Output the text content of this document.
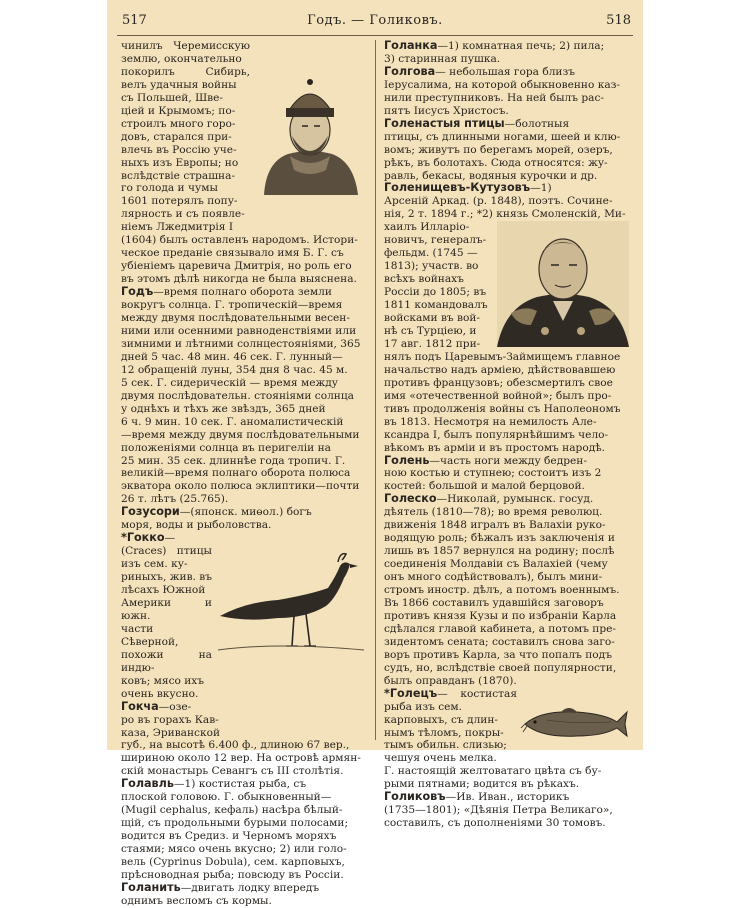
517	Годъ. — Голиковъ.	518
чинилъ Черемисскую землю, окончательно
покорилъ Сибирь, велъ удачныя войны
съ Польшей, Шве-
ціей и Крымомъ; по-
строилъ много горо-
довъ, старался при-
влечь въ Россію уче-
ныхъ изъ Европы; но
вслѣдствіе страшна-
го голода и чумы
1601 потерялъ попу-
лярность и съ появле-
ніемъ Лжедмитрія I
(1604) былъ оставленъ народомъ. Истори-
ческое преданіе связывало имя Б. Г. съ
убіеніемъ царевича Дмитрія, но роль его
въ этомъ дѣлѣ никогда не была выяснена.
Годъ—время полнаго оборота земли
вокругъ солнца. Г. тропическій—время
между двумя послѣдовательными весен-
ними или осенними равноденствіями или
зимними и лѣтними солнцестояніями, 365
дней 5 час. 48 мин. 46 сек. Г. лунный—
12 обращеній луны, 354 дня 8 час. 45 м.
5 сек. Г. сидерическій — время между
двумя послѣдовательн. стояніями солнца
у однѣхъ и тѣхъ же звѣздъ, 365 дней
6 ч. 9 мин. 10 сек. Г. аномалистическій
—время между двумя послѣдовательными
положеніями солнца въ перигеліи на
25 мин. 35 сек. длиннѣе года тропич. Г.
великій—время полнаго оборота полюса
экватора около полюса эклиптики—почти
26 т. лѣтъ (25.765).
Гозусори—(японск. миөол.) богъ
моря, воды и рыболовства.
*Гокко—(Craces) птицы изъ сем. ку-
риныхъ, жив. въ
лѣсахъ Южной
Америки и южн.
части Сѣверной,
похожи на индю-
ковъ; мясо ихъ
очень вкусно.
Гокча—озе-
ро въ горахъ Кав-
каза, Эриванской
губ., на высотѣ 6.400 ф., длиною 67 вер.,
шириною около 12 вер. На островѣ армян-
скій монастырь Севангъ съ III столѣтія.
Голавль—1) костистая рыба, съ
плоской головою. Г. обыкновенный—
(Mugil cephalus, кефаль) насѣра бѣлый-
щій, съ продольными бурыми полосами;
водится въ Средиз. и Черномъ моряхъ
стаями; мясо очень вкусно; 2) или голо-
вель (Cyprinus Dobula), сем. карповыхъ,
прѣсноводная рыба; повсюду въ Россіи.
Голанить—двигать лодку впередъ
однимъ весломъ съ кормы.
Голанка—1) комнатная печь; 2) пила;
3) старинная пушка.
Голгова— небольшая гора близъ
Іерусалима, на которой обыкновенно каз-
нили преступниковъ. На ней былъ рас-
пятъ Іисусъ Христосъ.
Голенастыя птицы—болотныя
птицы, съ длинными ногами, шеей и клю-
вомъ; живутъ по берегамъ морей, озеръ,
рѣкъ, въ болотахъ. Сюда относятся: жу-
равль, бекасы, водяныя курочки и др.
Голенищевъ-Кутузовъ—1)
Арсеній Аркад. (р. 1848), поэтъ. Сочине-
нія, 2 т. 1894 г.; *2) князь Смоленскій, Ми-
хаилъ Илларіо-
новичъ, генералъ-
фельдм. (1745 —
1813); участв. во
всѣхъ войнахъ
Россіи до 1805; въ
1811 командовалъ
войсками въ вой-
нѣ съ Турціею, и
17 авг. 1812 при-
нялъ подъ Царевымъ-Займищемъ главное
начальство надъ арміею, дѣйствовавшею
противъ французовъ; обезсмертилъ свое
имя «отечественной войной»; былъ про-
тивъ продолженія войны съ Наполеономъ
въ 1813. Несмотря на немилость Але-
ксандра I, былъ популярнѣйшимъ чело-
вѣкомъ въ арміи и въ простомъ народѣ.
Голень—часть ноги между бедрен-
ною костью и ступнею; состоитъ изъ 2
костей: большой и малой берцовой.
Голеско—Николай, румынск. госуд.
дѣятель (1810—78); во время революц.
движенія 1848 игралъ въ Валахіи руко-
водящую роль; бѣжалъ изъ заключенія и
лишь въ 1857 вернулся на родину; послѣ
соединенія Молдавіи съ Валахіей (чему
онъ много содѣйствовалъ), былъ мини-
стромъ иностр. дѣлъ, а потомъ военнымъ.
Въ 1866 составилъ удавшійся заговоръ
противъ князя Кузы и по избраніи Карла
сдѣлался главой кабинета, а потомъ пре-
зидентомъ сената; составилъ снова заго-
воръ противъ Карла, за что попалъ подъ
судъ, но, вслѣдствіе своей популярности,
былъ оправданъ (1870).
*Голецъ— костистая рыба изъ сем.
карповыхъ, съ длин-
нымъ тѣломъ, покры-
тымъ обильн. слизью;
чешуя очень мелка.
Г. настоящій желтоватаго цвѣта съ бу-
рыми пятнами; водится въ рѣкахъ.
Голиковъ—Ив. Иван., историкъ
(1735—1801); «Дѣянія Петра Великаго»,
составилъ, съ дополненіями 30 томовъ.
